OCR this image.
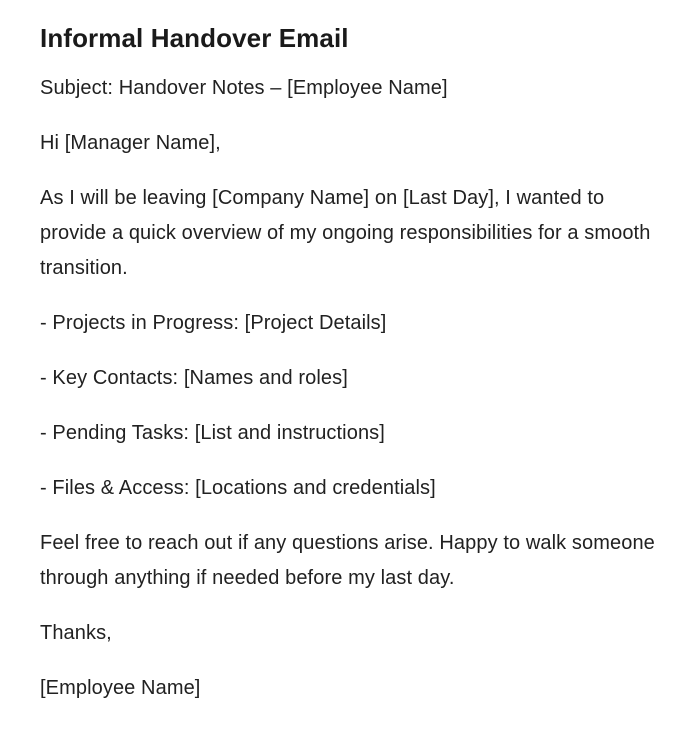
Informal Handover Email

Subject: Handover Notes – [Employee Name]

Hi [Manager Name],

As I will be leaving [Company Name] on [Last Day], I wanted to provide a quick overview of my ongoing responsibilities for a smooth transition.

- Projects in Progress: [Project Details]

- Key Contacts: [Names and roles]

- Pending Tasks: [List and instructions]

- Files & Access: [Locations and credentials]

Feel free to reach out if any questions arise. Happy to walk someone through anything if needed before my last day.

Thanks,

[Employee Name]
